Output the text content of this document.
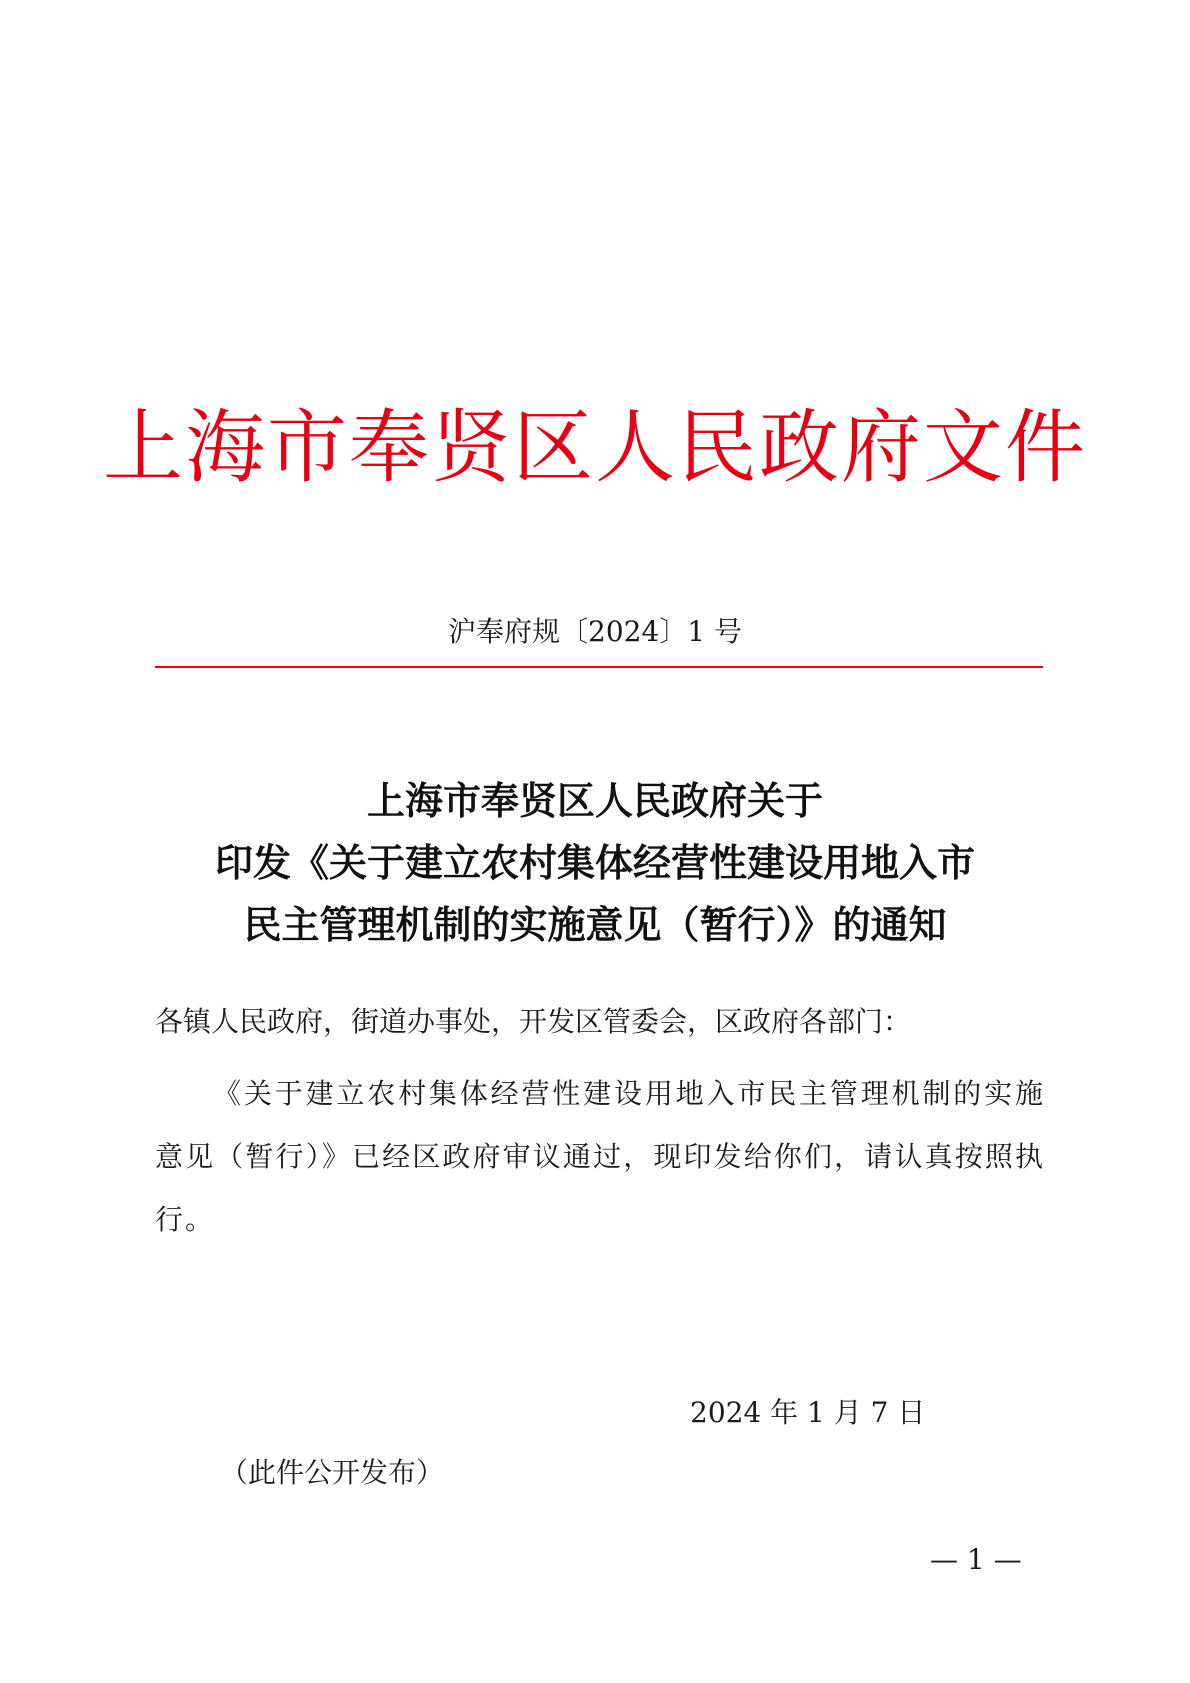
上海市奉贤区人民政府文件
沪奉府规〔2024〕1 号
上海市奉贤区人民政府关于
印发《关于建立农村集体经营性建设用地入市
民主管理机制的实施意见（暂行）》的通知
各镇人民政府，街道办事处，开发区管委会，区政府各部门：
《关于建立农村集体经营性建设用地入市民主管理机制的实施意见（暂行）》已经区政府审议通过，现印发给你们，请认真按照执行。
2024 年 1 月 7 日
（此件公开发布）
— 1 —
